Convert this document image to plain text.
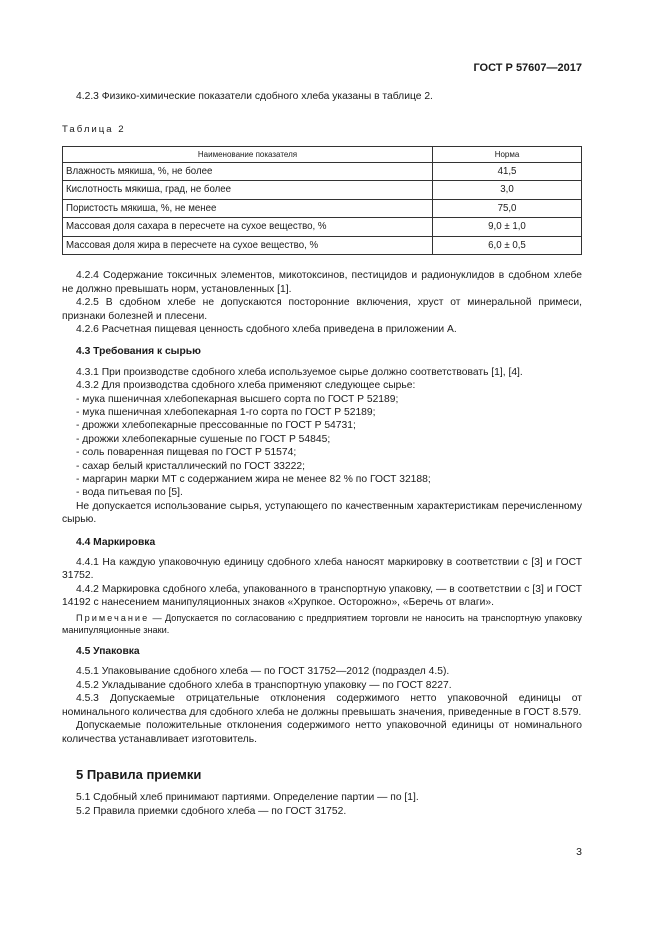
ГОСТ Р 57607—2017

4.2.3 Физико-химические показатели сдобного хлеба указаны в таблице 2.

Таблица 2

Наименование показателя	Норма
Влажность мякиша, %, не более	41,5
Кислотность мякиша, град, не более	3,0
Пористость мякиша, %, не менее	75,0
Массовая доля сахара в пересчете на сухое вещество, %	9,0 ± 1,0
Массовая доля жира в пересчете на сухое вещество, %	6,0 ± 0,5

4.2.4 Содержание токсичных элементов, микотоксинов, пестицидов и радионуклидов в сдобном хлебе не должно превышать норм, установленных [1].

4.2.5 В сдобном хлебе не допускаются посторонние включения, хруст от минеральной примеси, признаки болезней и плесени.

4.2.6 Расчетная пищевая ценность сдобного хлеба приведена в приложении А.

4.3 Требования к сырью

4.3.1 При производстве сдобного хлеба используемое сырье должно соответствовать [1], [4].

4.3.2 Для производства сдобного хлеба применяют следующее сырье:

- мука пшеничная хлебопекарная высшего сорта по ГОСТ Р 52189;

- мука пшеничная хлебопекарная 1-го сорта по ГОСТ Р 52189;

- дрожжи хлебопекарные прессованные по ГОСТ Р 54731;

- дрожжи хлебопекарные сушеные по ГОСТ Р 54845;

- соль поваренная пищевая по ГОСТ Р 51574;

- сахар белый кристаллический по ГОСТ 33222;

- маргарин марки МТ с содержанием жира не менее 82 % по ГОСТ 32188;

- вода питьевая по [5].

Не допускается использование сырья, уступающего по качественным характеристикам перечисленному сырью.

4.4 Маркировка

4.4.1 На каждую упаковочную единицу сдобного хлеба наносят маркировку в соответствии с [3] и ГОСТ 31752.

4.4.2 Маркировка сдобного хлеба, упакованного в транспортную упаковку, — в соответствии с [3] и ГОСТ 14192 с нанесением манипуляционных знаков «Хрупкое. Осторожно», «Беречь от влаги».

Примечание — Допускается по согласованию с предприятием торговли не наносить на транспортную упаковку манипуляционные знаки.

4.5 Упаковка

4.5.1 Упаковывание сдобного хлеба — по ГОСТ 31752—2012 (подраздел 4.5).

4.5.2 Укладывание сдобного хлеба в транспортную упаковку — по ГОСТ 8227.

4.5.3 Допускаемые отрицательные отклонения содержимого нетто упаковочной единицы от номинального количества для сдобного хлеба не должны превышать значения, приведенные в ГОСТ 8.579.

Допускаемые положительные отклонения содержимого нетто упаковочной единицы от номинального количества устанавливает изготовитель.

5 Правила приемки

5.1 Сдобный хлеб принимают партиями. Определение партии — по [1].

5.2 Правила приемки сдобного хлеба — по ГОСТ 31752.

3
